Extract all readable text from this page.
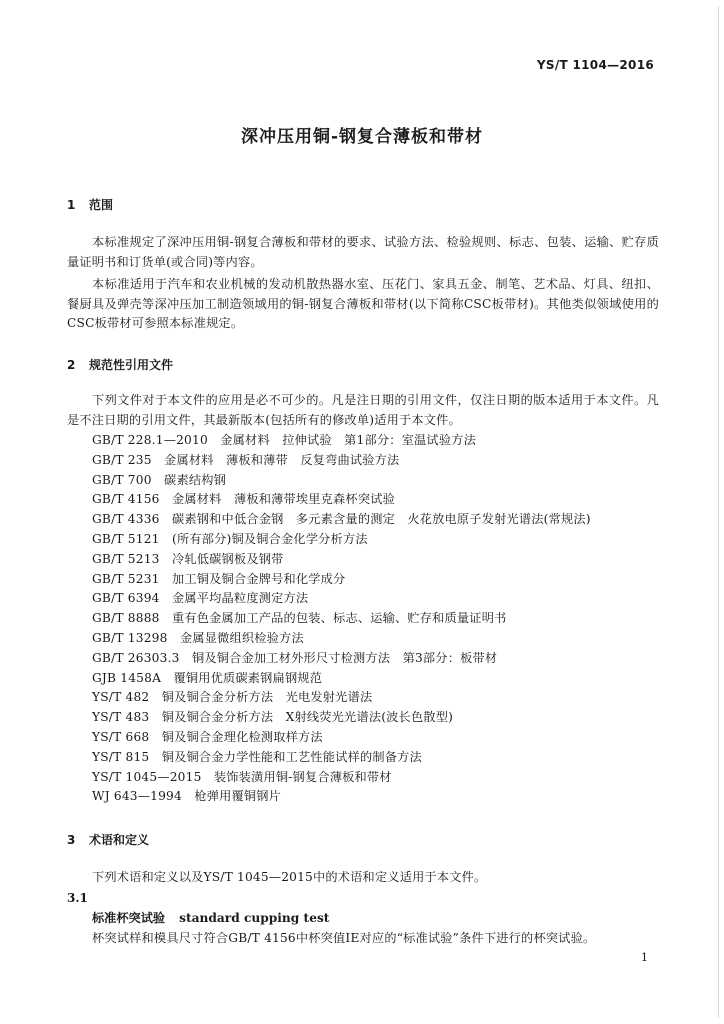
YS/T 1104—2016
深冲压用铜-钢复合薄板和带材
1 范围
本标准规定了深冲压用铜-钢复合薄板和带材的要求、试验方法、检验规则、标志、包装、运输、贮存质量证明书和订货单(或合同)等内容。
本标准适用于汽车和农业机械的发动机散热器水室、压花门、家具五金、制笔、艺术品、灯具、纽扣、餐厨具及弹壳等深冲压加工制造领域用的铜-钢复合薄板和带材(以下简称CSC板带材)。其他类似领域使用的CSC板带材可参照本标准规定。
2 规范性引用文件
下列文件对于本文件的应用是必不可少的。凡是注日期的引用文件，仅注日期的版本适用于本文件。凡是不注日期的引用文件，其最新版本(包括所有的修改单)适用于本文件。
GB/T 228.1—2010　金属材料　拉伸试验　第1部分：室温试验方法
GB/T 235　金属材料　薄板和薄带　反复弯曲试验方法
GB/T 700　碳素结构钢
GB/T 4156　金属材料　薄板和薄带埃里克森杯突试验
GB/T 4336　碳素钢和中低合金钢　多元素含量的测定　火花放电原子发射光谱法(常规法)
GB/T 5121　(所有部分)铜及铜合金化学分析方法
GB/T 5213　冷轧低碳钢板及钢带
GB/T 5231　加工铜及铜合金牌号和化学成分
GB/T 6394　金属平均晶粒度测定方法
GB/T 8888　重有色金属加工产品的包装、标志、运输、贮存和质量证明书
GB/T 13298　金属显微组织检验方法
GB/T 26303.3　铜及铜合金加工材外形尺寸检测方法　第3部分：板带材
GJB 1458A　覆铜用优质碳素钢扁钢规范
YS/T 482　铜及铜合金分析方法　光电发射光谱法
YS/T 483　铜及铜合金分析方法　X射线荧光光谱法(波长色散型)
YS/T 668　铜及铜合金理化检测取样方法
YS/T 815　铜及铜合金力学性能和工艺性能试样的制备方法
YS/T 1045—2015　装饰装潢用铜-钢复合薄板和带材
WJ 643—1994　枪弹用覆铜钢片
3 术语和定义
下列术语和定义以及YS/T 1045—2015中的术语和定义适用于本文件。
3.1
标准杯突试验 standard cupping test
杯突试样和模具尺寸符合GB/T 4156中杯突值IE对应的“标准试验”条件下进行的杯突试验。
1
